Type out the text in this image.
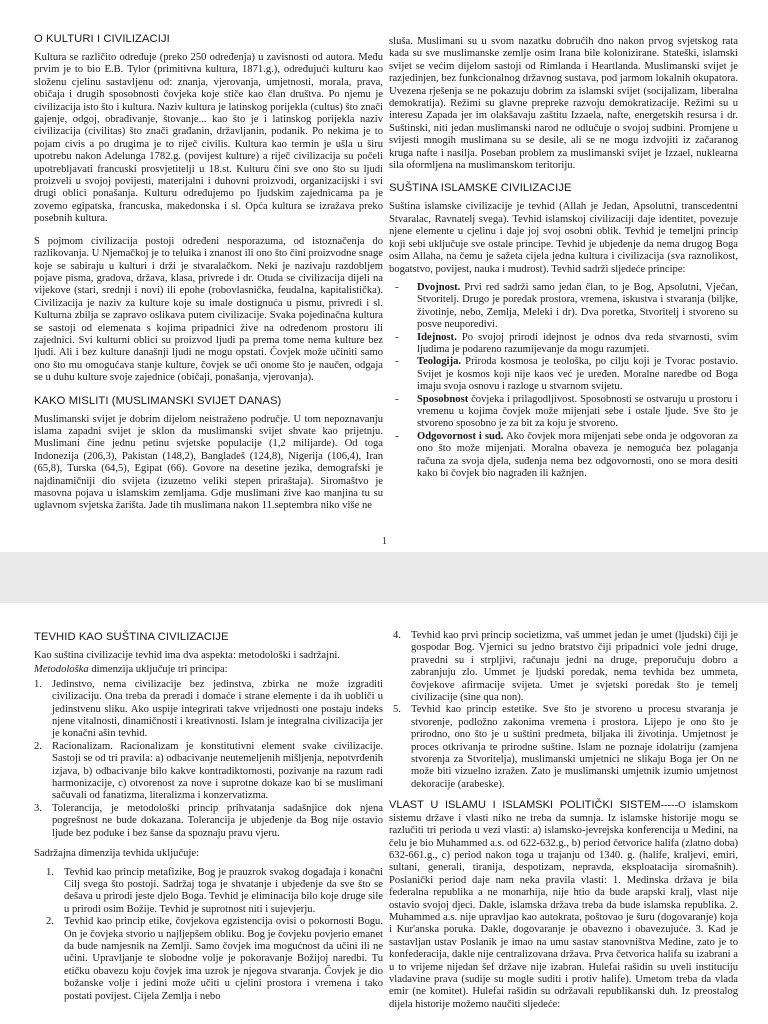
O KULTURI I CIVILIZACIJI

Kultura se različito određuje (preko 250 određenja) u zavisnosti od autora. Među prvim je to bio E.B. Tylor (primitivna kultura, 1871.g.), određujući kulturu kao složenu cjelinu sastavljenu od: znanja, vjerovanja, umjetnosti, morala, prava, običaja i drugih sposobnosti čovjeka koje stiče kao član društva. Po njemu je civilizacija isto što i kultura. Naziv kultura je latinskog porijekla (cultus) što znači gajenje, odgoj, obrađivanje, štovanje... kao što je i latinskog porijekla naziv civilizacija (civilitas) što znači građanin, državljanin, podanik. Po nekima je to pojam civis a po drugima je to riječ civilis. Kultura kao termin je ušla u širu upotrebu nakon Adelunga 1782.g. (povijest kulture) a riječ civilizacija su počeli upotrebljavati francuski prosvjetitelji u 18.st. Kulturu čini sve ono što su ljudi proizveli u svojoj povijesti, materijalni i duhovni proizvodi, organizacijski i svi drugi oblici ponašanja. Kulturu određujemo po ljudskim zajednicama pa je zovemo egipatska, francuska, makedonska i sl. Opća kultura se izražava preko posebnih kultura.

S pojmom civilizacija postoji određeni nesporazuma, od istoznačenja do razlikovanja. U Njemačkoj je to teluika i znanost ili ono što čini proizvodne snage koje se sabiraju u kulturi i drži je stvaralačkom. Neki je nazivaju razdobljem pojave pisma, gradova, država, klasa, privrede i dr. Otuda se civilizacija dijeli na vijekove (stari, srednji i novi) ili epohe (robovlasnička, feudalna, kapitalistička). Civilizacija je naziv za kulture koje su imale dostignuća u pismu, privredi i sl. Kulturna zbilja se zapravo oslikava putem civilizacije. Svaka pojedinačna kultura se sastoji od elemenata s kojima pripadnici žive na određenom prostoru ili zajednici. Svi kulturni oblici su proizvod ljudi pa prema tome nema kulture bez ljudi. Ali i bez kulture današnji ljudi ne mogu opstati. Čovjek može učiniti samo ono što mu omogućava stanje kulture, čovjek se uči onome što je naučen, odgaja se u duhu kulture svoje zajednice (običaji, ponašanja, vjerovanja).

KAKO MISLITI (MUSLIMANSKI SVIJET DANAS)

Muslimanski svijet je dobrim dijelom neistraženo područje. U tom nepoznavanju islama zapadni svijet je sklon da muslimanski svijet shvate kao prijetnju. Muslimani čine jednu petinu svjetske populacije (1,2 milijarde). Od toga Indonezija (206,3), Pakistan (148,2), Bangladeš (124,8), Nigerija (106,4), Iran (65,8), Turska (64,5), Egipat (66). Govore na desetine jezika, demografski je najdinamičniji dio svijeta (izuzetno veliki stepen priraštaja). Siromaštvo je masovna pojava u islamskim zemljama. Gdje muslimani žive kao manjina tu su uglavnom svjetska žarišta. Jade tih muslimana nakon 11.septembra niko više ne

sluša. Muslimani su u svom nazatku dobrućih dno nakon prvog svjetskog rata kada su sve muslimanske zemlje osim Irana bile kolonizirane. Stateški, islamski svijet se većim dijelom sastoji od Rimlanda i Heartlanda. Muslimanski svijet je razjedinjen, bez funkcionalnog državnog sustava, pod jarmom lokalnih okupatora. Uvezena rješenja se ne pokazuju dobrim za islamski svijet (socijalizam, liberalna demokratija). Režimi su glavne prepreke razvoju demokratizacije. Režimi su u interesu Zapada jer im olakšavaju zaštitu Izzaela, nafte, energetskih resursa i dr. Suštinski, niti jedan muslimanski narod ne odlučuje o svojoj sudbini. Promjene u svijesti mnogih muslimana su se desile, ali se ne mogu izdvojiti iz začaranog kruga nafte i nasilja. Poseban problem za muslimanski svijet je Izzael, nuklearna sila oformljena na muslimanskom teritoriju.

SUŠTINA ISLAMSKE CIVILIZACIJE

Suština islamske civilizacije je tevhid (Allah je Jedan, Apsolutni, transcedentni Stvaralac, Ravnatelj svega). Tevhid islamskoj civilizaciji daje identitet, povezuje njene elemente u cjelinu i daje joj svoj osobni oblik. Tevhid je temeljni princip koji sebi uključuje sve ostale principe. Tevhid je ubjeđenje da nema drugog Boga osim Allaha, na čemu je sažeta cijela jedna kultura i civilizacija (sva raznolikost, bogatstvo, povijest, nauka i mudrost). Tevhid sadrži sljedeće principe:

- Dvojnost. Prvi red sadrži samo jedan član, to je Bog, Apsolutni, Vječan, Stvoritelj. Drugo je poredak prostora, vremena, iskustva i stvaranja (biljke, životinje, nebo, Zemlja, Meleki i dr). Dva poretka, Stvoritelj i stvoreno su posve neuporedivi.
- Idejnost. Po svojoj prirodi idejnost je odnos dva reda stvarnosti, svim ljudima je podareno razumijevanje da mogu razumjeti.
- Teologija. Priroda kosmosa je teološka, po cilju koji je Tvorac postavio. Svijet je kosmos koji nije kaos već je uređen. Moralne naredbe od Boga imaju svoja osnovu i razloge u stvarnom svijetu.
- Sposobnost čovjeka i prilagodljivost. Sposobnosti se ostvaruju u prostoru i vremenu u kojima čovjek može mijenjati sebe i ostale ljude. Sve što je stvoreno sposobno je za bit za koju je stvoreno.
- Odgovornost i sud. Ako čovjek mora mijenjati sebe onda je odgovoran za ono što može mijenjati. Moralna obaveza je nemoguća bez polaganja računa za svoja djela, suđenja nema bez odgovornosti, ono se mora desiti kako bi čovjek bio nagrađen ili kažnjen.
1
TEVHID KAO SUŠTINA CIVILIZACIJE

Kao suština civilizacije tevhid ima dva aspekta: metodološki i sadržajni.

Metodološka dimenzija uključuje tri principa:

1. Jedinstvo, nema civilizacije bez jedinstva, zbirka ne može izgraditi civilizaciju. Ona treba da preradi i domaće i strane elemente i da ih uobliči u jedinstvenu sliku. Ako uspije integrirati takve vrijednosti one postaju indeks njene vitalnosti, dinamičnosti i kreativnosti. Islam je integralna civilizacija jer je konačni ašin tevhid.
2. Racionalizam. Racionalizam je konstitutivni element svake civilizacije. Sastoji se od tri pravila: a) odbacivanje neutemeljenih mišljenja, nepotvrđenih izjava, b) odbacivanje bilo kakve kontradiktornosti, pozivanje na razum radi harmonizacije, c) otvorenost za nove i suprotne dokaze kao bi se muslimani sačuvali od fanatizma, literalizma i konzervatizma.
3. Tolerancija, je metodološki princip prihvatanja sadašnjice dok njena pogrešnost ne bude dokazana. Tolerancija je ubjeđenje da Bog nije ostavio ljude bez poduke i bez šanse da spoznaju pravu vjeru.

Sadržajna dimenzija tevhida uključuje:

1. Tevhid kao princip metafizike, Bog je prauzrok svakog događaja i konačni Cilj svega što postoji. Sadržaj toga je shvatanje i ubjeđenje da sve što se dešava u prirodi jeste djelo Boga. Tevhid je eliminacija bilo koje druge sile u prirodi osim Božije. Tevhid je suprotnost niti i sujevjerju.
2. Tevhid kao princip etike, čovjekova egzistencija ovisi o pokornosti Bogu. On je čovjeka stvorio u najljepšem obliku. Bog je čovjeku povjerio emanet da bude namjesnik na Zemlji. Samo čovjek ima mogućnost da učini ili ne učini. Upravljanje te slobodne volje je pokoravanje Božijoj naredbi. Tu etičku obavezu koju čovjek ima uzrok je njegova stvaranja. Čovjek je dio božanske volje i jedini može učiti u cjelini prostora i vremena i tako postati povijest. Cijela Zemlja i nebo
4. Tevhid kao prvi princip societizma, vaš ummet jedan je umet (ljudski) čiji je gospodar Bog. Vjernici su jedno bratstvo čiji pripadnici vole jedni druge, pravedni su i strpljivi, računaju jedni na druge, preporučuju dobro a zabranjuju zlo. Ummet je ljudski poredak, nema tevhida bez ummeta, čovjekove afirmacije svijeta. Umet je svjetski poredak što je temelj civilizacije (sine qua non).
5. Tevhid kao princip estetike. Sve što je stvoreno u procesu stvaranja je stvorenje, podložno zakonima vremena i prostora. Lijepo je ono što je prirodno, ono što je u suštini predmeta, biljaka ili životinja. Umjetnost je proces otkrivanja te prirodne suštine. Islam ne poznaje idolatriju (zamjena stvorenja za Stvoritelja), muslimanski umjetnici ne slikaju Boga jer On ne može biti vizuelno izražen. Zato je muslimanski umjetnik izumio umjetnost dekoracije (arabeske).

VLAST U ISLAMU I ISLAMSKI POLITIČKI SISTEM-----O islamskom sistemu države i vlasti niko ne treba da sumnja. Iz islamske historije mogu se razlučiti tri perioda u vezi vlasti: a) islamsko-jevrejska konferencija u Medini, na čelu je bio Muhammed a.s. od 622-632.g., b) period četvorice halifa (zlatno doba) 632-661.g., c) period nakon toga u trajanju od 1340. g. (halife, kraljevi, emiri, sultani, generali, tiranija, despotizam, nepravda, eksploatacija siromašnih). Poslanički period daje nam neka pravila vlasti: 1. Medinska država je bila federalna republika a ne monarhija, nije htio da bude arapski kralj, vlast nije ostavio svojoj djeci. Dakle, islamska država treba da bude islamska republika. 2. Muhammed a.s. nije upravljao kao autokrata, poštovao je šuru (dogovaranje) koja i Kur'anska poruka. Dakle, dogovaranje je obavezno i obavezujuće. 3. Kad je sastavljan ustav Poslanik je imao na umu sastav stanovništva Medine, zato je to konfederacija, dakle nije centralizovana država. Prva četvorica halifa su izabrani a u to vrijeme nijedan šef države nije izabran. Hulefai rašidin su uveli instituciju vladavine prava (sudije su mogle suditi i protiv halife). Umetom treba da vlada emir (ne komitet). Hulefai rašidin su održavali republikanski duh. Iz preostalog dijela historije možemo naučiti sljedeće:
